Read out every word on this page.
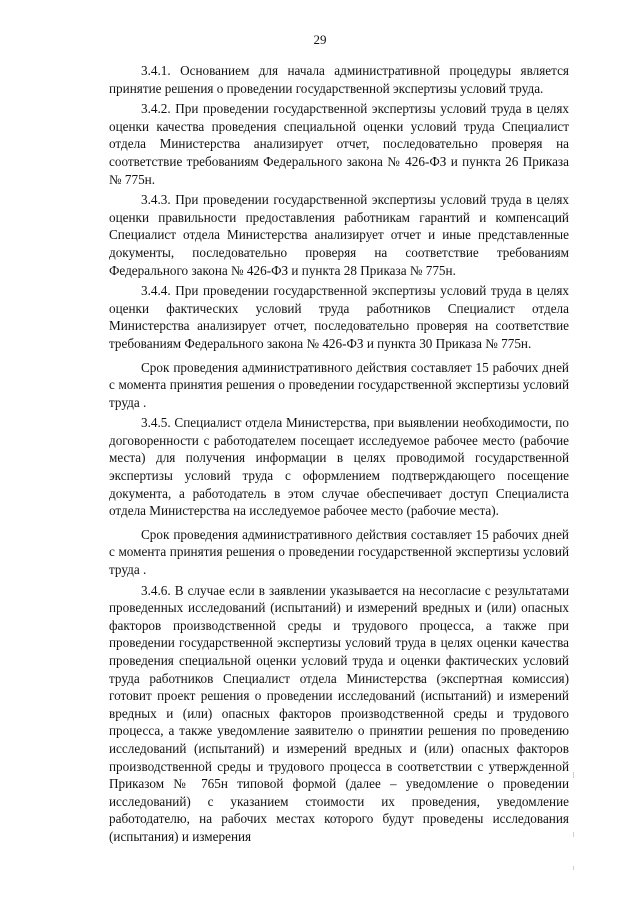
29

3.4.1. Основанием для начала административной процедуры является принятие решения о проведении государственной экспертизы условий труда.

3.4.2. При проведении государственной экспертизы условий труда в целях оценки качества проведения специальной оценки условий труда Специалист отдела Министерства анализирует отчет, последовательно проверяя на соответствие требованиям Федерального закона № 426-ФЗ и пункта 26 Приказа № 775н.

3.4.3. При проведении государственной экспертизы условий труда в целях оценки правильности предоставления работникам гарантий и компенсаций Специалист отдела Министерства анализирует отчет и иные представленные документы, последовательно проверяя на соответствие требованиям Федерального закона № 426-ФЗ и пункта 28 Приказа № 775н.

3.4.4. При проведении государственной экспертизы условий труда в целях оценки фактических условий труда работников Специалист отдела Министерства анализирует отчет, последовательно проверяя на соответствие требованиям Федерального закона № 426-ФЗ и пункта 30 Приказа № 775н.

Срок проведения административного действия составляет 15 рабочих дней с момента принятия решения о проведении государственной экспертизы условий труда .

3.4.5. Специалист отдела Министерства, при выявлении необходимости, по договоренности с работодателем посещает исследуемое рабочее место (рабочие места) для получения информации в целях проводимой государственной экспертизы условий труда с оформлением подтверждающего посещение документа, а работодатель в этом случае обеспечивает доступ Специалиста отдела Министерства на исследуемое рабочее место (рабочие места).

Срок проведения административного действия составляет 15 рабочих дней с момента принятия решения о проведении государственной экспертизы условий труда .

3.4.6. В случае если в заявлении указывается на несогласие с результатами проведенных исследований (испытаний) и измерений вредных и (или) опасных факторов производственной среды и трудового процесса, а также при проведении государственной экспертизы условий труда в целях оценки качества проведения специальной оценки условий труда и оценки фактических условий труда работников Специалист отдела Министерства (экспертная комиссия) готовит проект решения о проведении исследований (испытаний) и измерений вредных и (или) опасных факторов производственной среды и трудового процесса, а также уведомление заявителю о принятии решения по проведению исследований (испытаний) и измерений вредных и (или) опасных факторов производственной среды и трудового процесса в соответствии с утвержденной Приказом № 765н типовой формой (далее – уведомление о проведении исследований) с указанием стоимости их проведения, уведомление работодателю, на рабочих местах которого будут проведены исследования (испытания) и измерения
